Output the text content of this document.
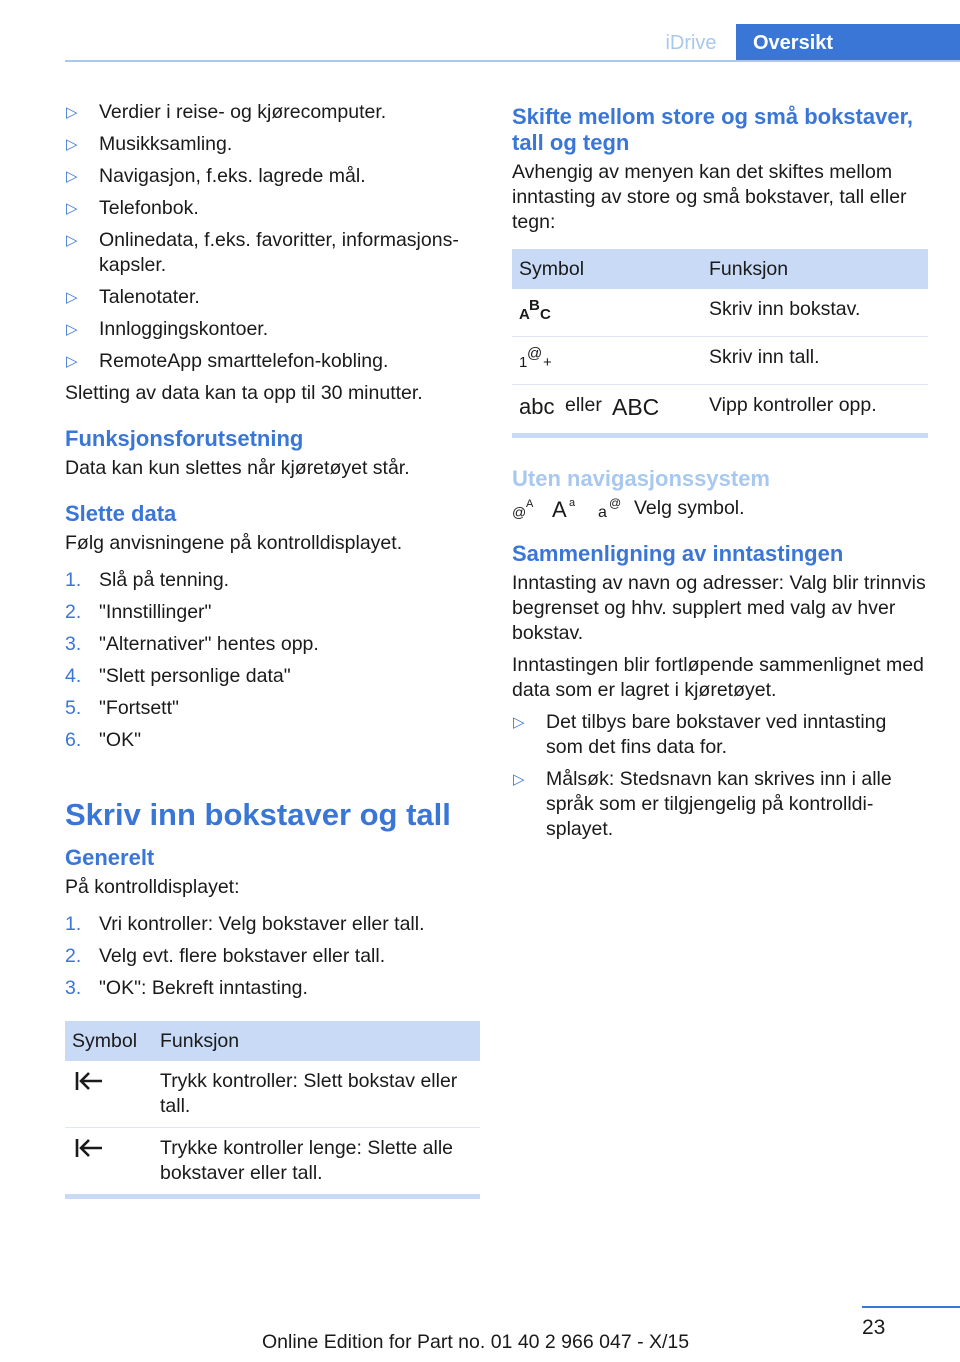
iDrive	Oversikt
▷ Verdier i reise- og kjørecomputer.
▷ Musikksamling.
▷ Navigasjon, f.eks. lagrede mål.
▷ Telefonbok.
▷ Onlinedata, f.eks. favoritter, informasjonskapsler.
▷ Talenotater.
▷ Innloggingskontoer.
▷ RemoteApp smarttelefon-kobling.

Sletting av data kan ta opp til 30 minutter.

Funksjonsforutsetning

Data kan kun slettes når kjøretøyet står.

Slette data

Følg anvisningene på kontrolldisplayet.

1. Slå på tenning.
2. "Innstillinger"
3. "Alternativer" hentes opp.
4. "Slett personlige data"
5. "Fortsett"
6. "OK"
Skriv inn bokstaver og tall
Generelt

På kontrolldisplayet:

1. Vri kontroller: Velg bokstaver eller tall.
2. Velg evt. flere bokstaver eller tall.
3. "OK": Bekreft inntasting.
Symbol	Funksjon
	Trykk kontroller: Slett bokstav eller tall.
	Trykke kontroller lenge: Slette alle bokstaver eller tall.
Skifte mellom store og små bokstaver, tall og tegn

Avhengig av menyen kan det skiftes mellom inntasting av store og små bokstaver, tall eller tegn:

Symbol	Funksjon

A
B
C	Skriv inn bokstav.

1
@
+	Skriv inn tall.

abc eller ABC	Vipp kontroller opp.
Uten navigasjonssystem

@ A A a
a
@ Velg symbol.

Sammenligning av inntastingen

Inntasting av navn og adresser: Valg blir trinnvis begrenset og hhv. supplert med valg av hver bokstav.

Inntastingen blir fortløpende sammenlignet med data som er lagret i kjøretøyet.

▷ Det tilbys bare bokstaver ved inntasting som det fins data for.
▷ Målsøk: Stedsnavn kan skrives inn i alle språk som er tilgjengelig på kontrolldisplayet.
23
Online Edition for Part no. 01 40 2 966 047 - X/15
